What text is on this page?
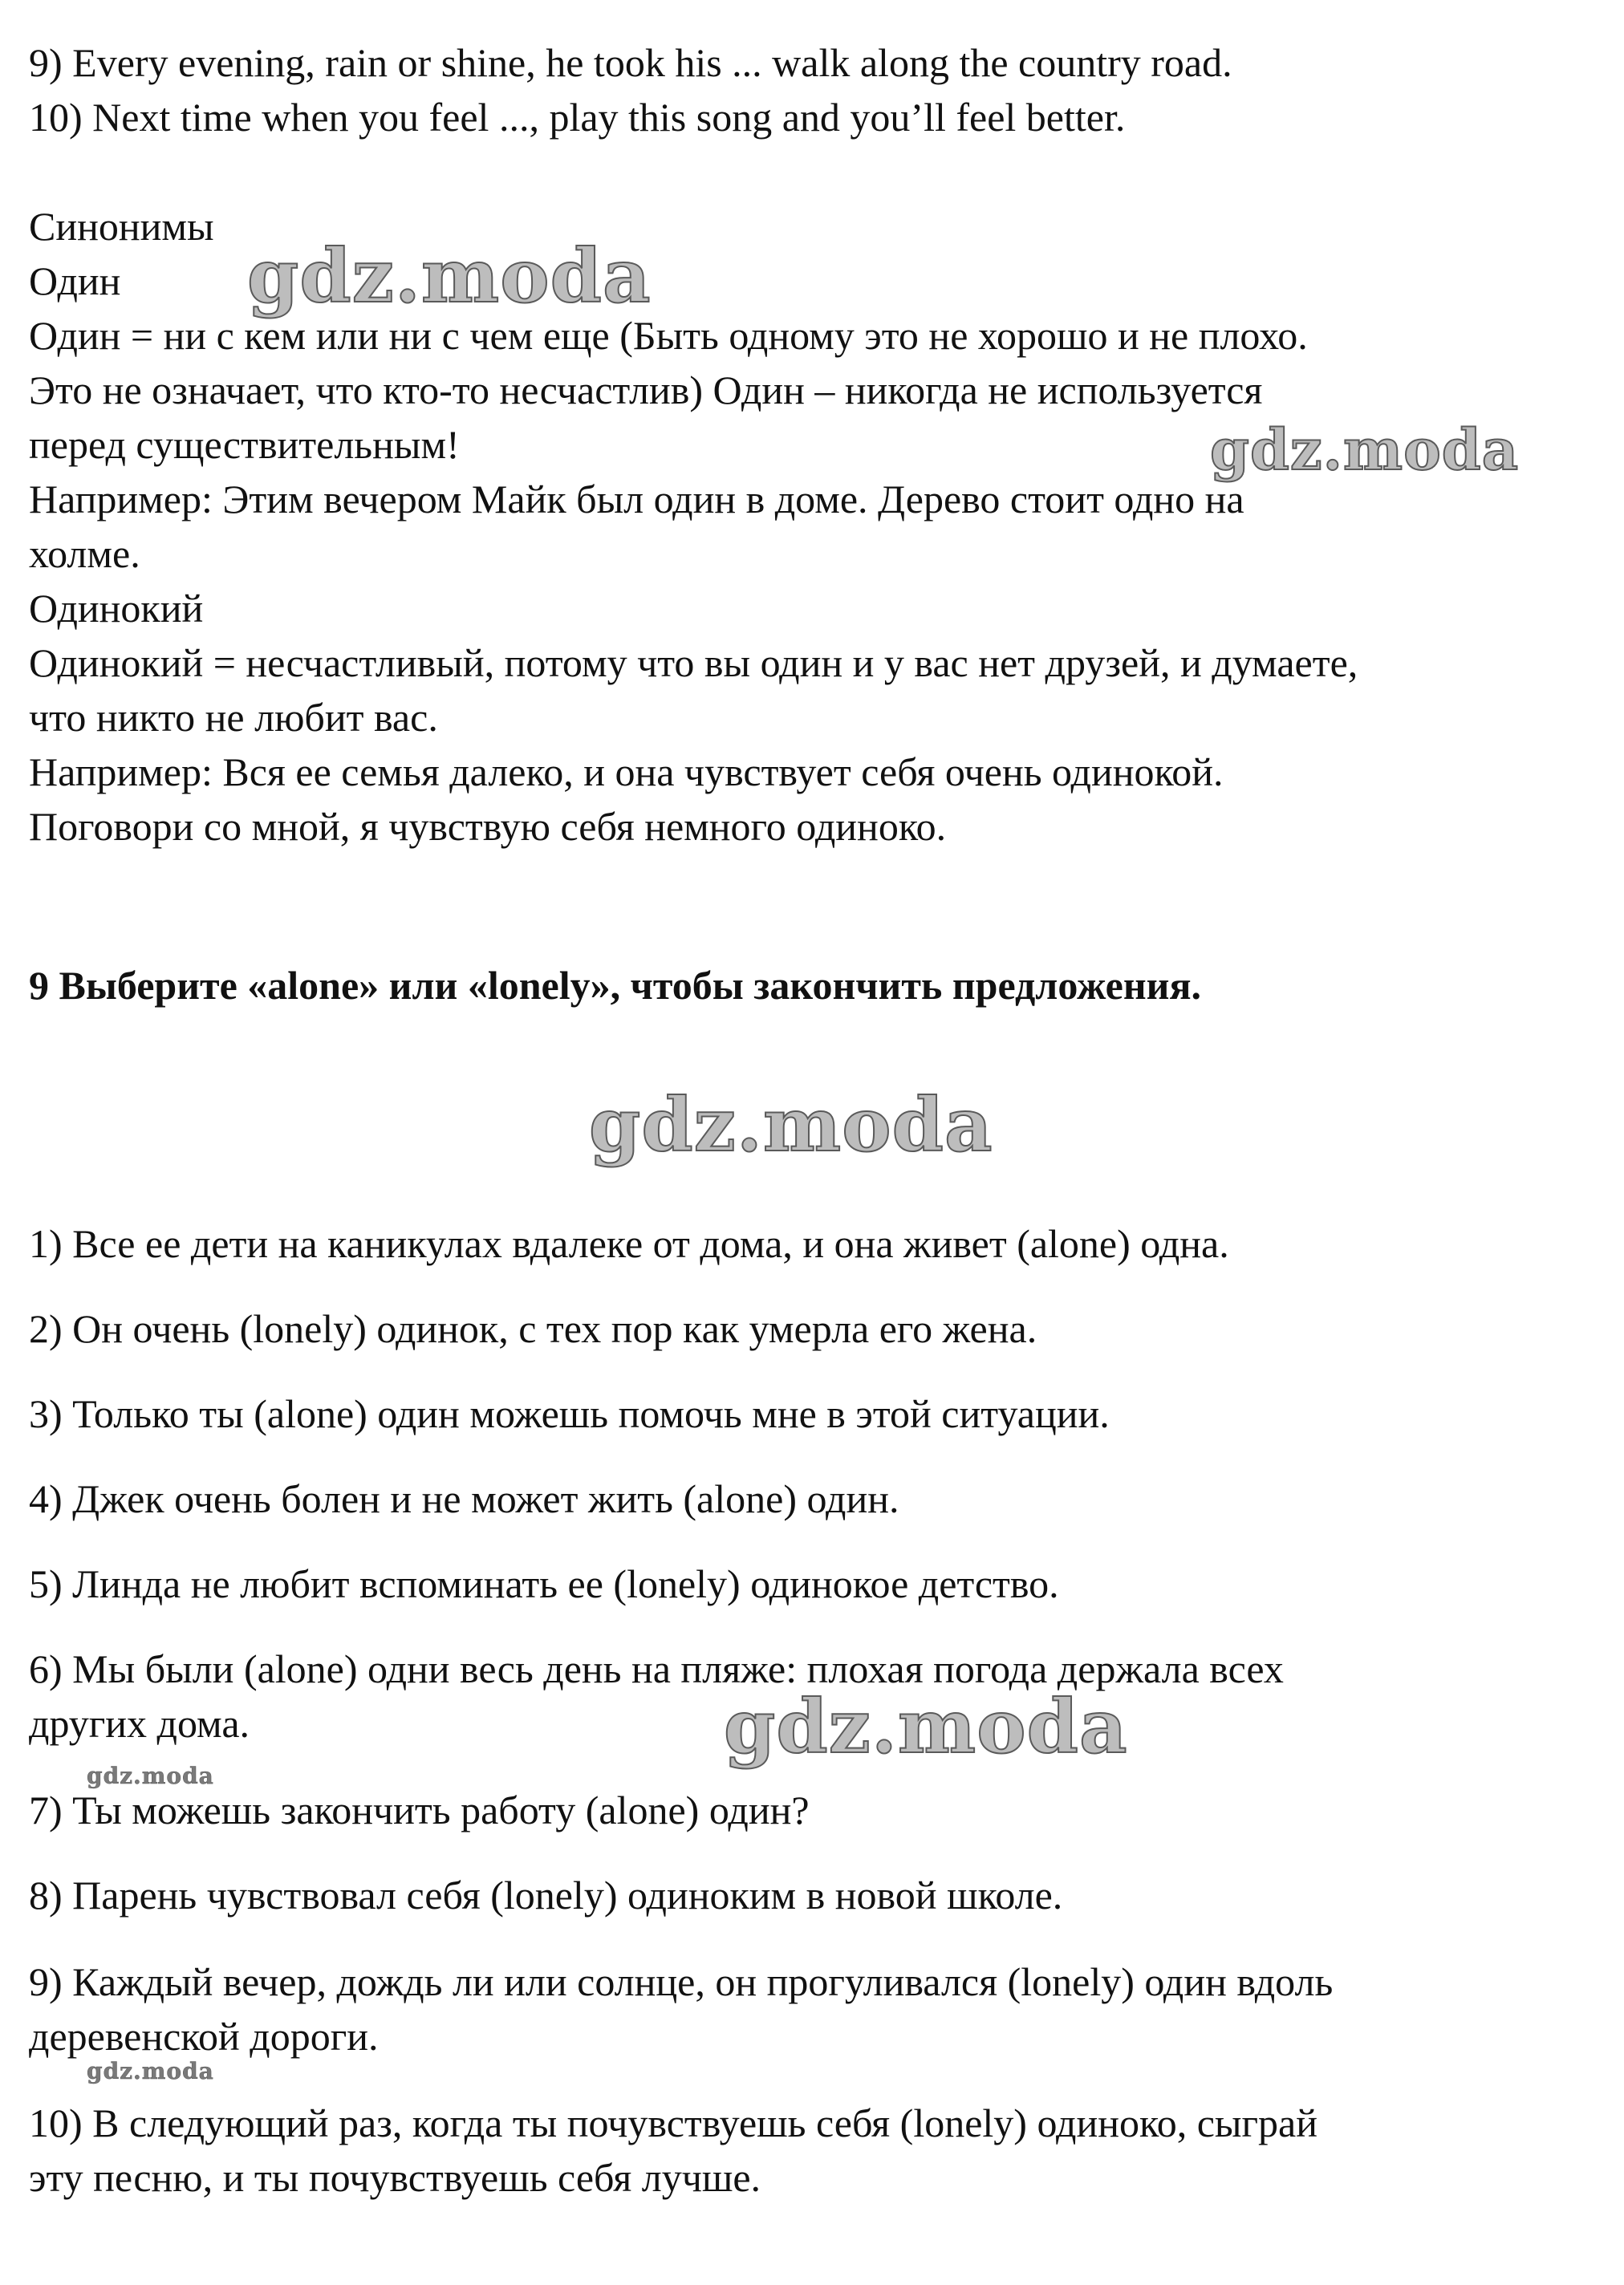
9) Every evening, rain or shine, he took his ... walk along the country road.
10) Next time when you feel ..., play this song and you’ll feel better.
Синонимы
Один
Один = ни с кем или ни с чем еще (Быть одному это не хорошо и не плохо.
Это не означает, что кто-то несчастлив) Один – никогда не используется
перед существительным!
Например: Этим вечером Майк был один в доме. Дерево стоит одно на
холме.
Одинокий
Одинокий = несчастливый, потому что вы один и у вас нет друзей, и думаете,
что никто не любит вас.
Например: Вся ее семья далеко, и она чувствует себя очень одинокой.
Поговори со мной, я чувствую себя немного одиноко.
9 Выберите «alone» или «lonely», чтобы закончить предложения.
1) Все ее дети на каникулах вдалеке от дома, и она живет (alone) одна.
2) Он очень (lonely) одинок, с тех пор как умерла его жена.
3) Только ты (alone) один можешь помочь мне в этой ситуации.
4) Джек очень болен и не может жить (alone) один.
5) Линда не любит вспоминать ее (lonely) одинокое детство.
6) Мы были (alone) одни весь день на пляже: плохая погода держала всех
других дома.
7) Ты можешь закончить работу (alone) один?
8) Парень чувствовал себя (lonely) одиноким в новой школе.
9) Каждый вечер, дождь ли или солнце, он прогуливался (lonely) один вдоль
деревенской дороги.
10) В следующий раз, когда ты почувствуешь себя (lonely) одиноко, сыграй
эту песню, и ты почувствуешь себя лучше.
gdz.moda
gdz.moda
gdz.moda
gdz.moda
gdz.moda
gdz.moda
